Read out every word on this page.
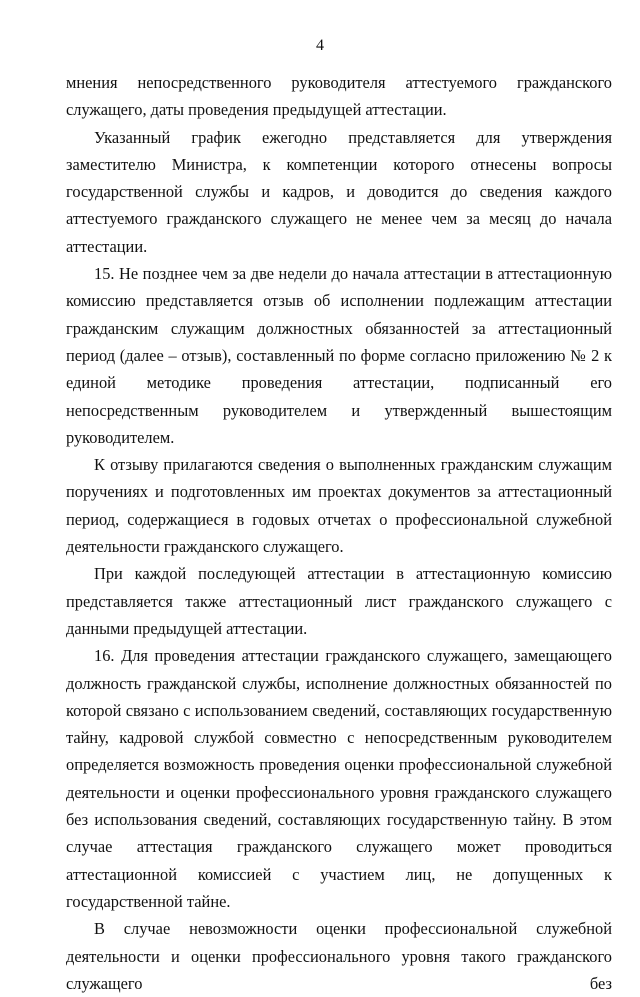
4

мнения непосредственного руководителя аттестуемого гражданского служащего, даты проведения предыдущей аттестации.

Указанный график ежегодно представляется для утверждения заместителю Министра, к компетенции которого отнесены вопросы государственной службы и кадров, и доводится до сведения каждого аттестуемого гражданского служащего не менее чем за месяц до начала аттестации.

15. Не позднее чем за две недели до начала аттестации в аттестационную комиссию представляется отзыв об исполнении подлежащим аттестации гражданским служащим должностных обязанностей за аттестационный период (далее – отзыв), составленный по форме согласно приложению № 2 к единой методике проведения аттестации, подписанный его непосредственным руководителем и утвержденный вышестоящим руководителем.

К отзыву прилагаются сведения о выполненных гражданским служащим поручениях и подготовленных им проектах документов за аттестационный период, содержащиеся в годовых отчетах о профессиональной служебной деятельности гражданского служащего.

При каждой последующей аттестации в аттестационную комиссию представляется также аттестационный лист гражданского служащего с данными предыдущей аттестации.

16. Для проведения аттестации гражданского служащего, замещающего должность гражданской службы, исполнение должностных обязанностей по которой связано с использованием сведений, составляющих государственную тайну, кадровой службой совместно с непосредственным руководителем определяется возможность проведения оценки профессиональной служебной деятельности и оценки профессионального уровня гражданского служащего без использования сведений, составляющих государственную тайну. В этом случае аттестация гражданского служащего может проводиться аттестационной комиссией с участием лиц, не допущенных к государственной тайне.

В случае невозможности оценки профессиональной служебной деятельности и оценки профессионального уровня такого гражданского служащего без
